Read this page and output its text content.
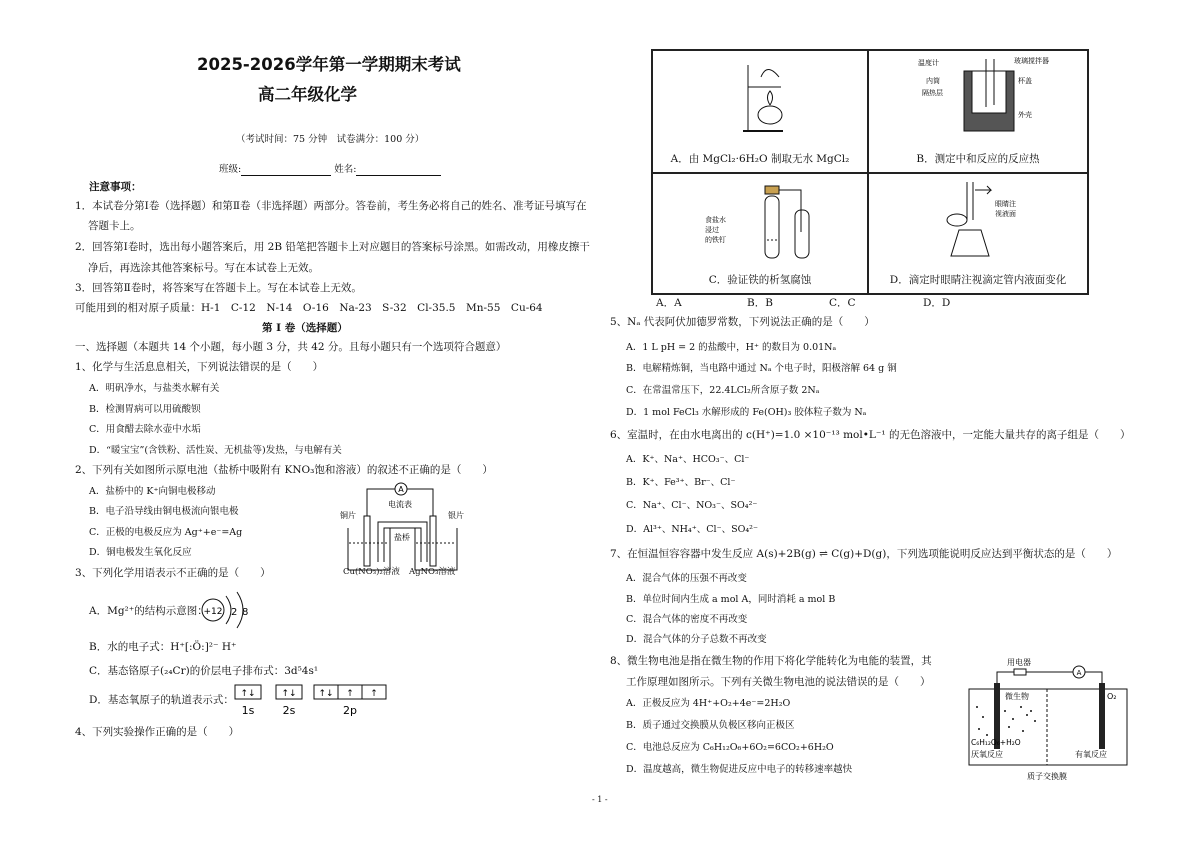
2025-2026学年第一学期期末考试
高二年级化学
（考试时间：75 分钟　试卷满分：100 分）
班级:	姓名:
注意事项：
1．本试卷分第Ⅰ卷（选择题）和第Ⅱ卷（非选择题）两部分。答卷前，考生务必将自己的姓名、准考证号填写在
答题卡上。
2．回答第Ⅰ卷时，选出每小题答案后，用 2B 铅笔把答题卡上对应题目的答案标号涂黑。如需改动，用橡皮擦干
净后，再选涂其他答案标号。写在本试卷上无效。
3．回答第Ⅱ卷时，将答案写在答题卡上。写在本试卷上无效。
可能用到的相对原子质量：H-1　C-12　N-14　O-16　Na-23　S-32　Cl-35.5　Mn-55　Cu-64
第 Ⅰ 卷（选择题）
一、选择题（本题共 14 个小题，每小题 3 分，共 42 分。且每小题只有一个选项符合题意）
1、化学与生活息息相关，下列说法错误的是（　　）
A．明矾净水，与盐类水解有关
B．检测胃病可以用硫酸钡
C．用食醋去除水壶中水垢
D．“暖宝宝”(含铁粉、活性炭、无机盐等)发热，与电解有关
2、下列有关如图所示原电池（盐桥中吸附有 KNO₃饱和溶液）的叙述不正确的是（　　）
A．盐桥中的 K⁺向铜电极移动
B．电子沿导线由铜电极流向银电极
C．正极的电极反应为 Ag⁺+e⁻=Ag
D．铜电极发生氧化反应
A
电流表
铜片	银片
盐桥
Cu(NO₃)₂溶液 AgNO₃溶液
3、下列化学用语表示不正确的是（　　）
A．Mg²⁺的结构示意图：
+12 2 8
B．水的电子式：H⁺[:Ö:]²⁻ H⁺
C．基态铬原子(₂₄Cr)的价层电子排布式：3d⁵4s¹
D．基态氧原子的轨道表示式： ↑↓	↑↓ ↑↓ ↑ ↑
1s	2s	2p
4、下列实验操作正确的是（　　）
A．由 MgCl₂·6H₂O 制取无水 MgCl₂
温度计	玻璃搅拌器
内筒	杯盖
隔热层
外壳
B．测定中和反应的反应热
食盐水
浸过
的铁钉
C．验证铁的析氢腐蚀
眼睛注
视液面
D．滴定时眼睛注视滴定管内液面变化
A．A	B．B	C．C	D．D
5、Nₐ 代表阿伏加德罗常数，下列说法正确的是（　　）
A．1 L pH = 2 的盐酸中，H⁺ 的数目为 0.01Nₐ
B．电解精炼铜，当电路中通过 Nₐ 个电子时，阳极溶解 64 g 铜
C．在常温常压下，22.4LCl₂所含原子数 2Nₐ
D．1 mol FeCl₃ 水解形成的 Fe(OH)₃ 胶体粒子数为 Nₐ
6、室温时，在由水电离出的 c(H⁺)=1.0 ×10⁻¹³ mol•L⁻¹ 的无色溶液中，一定能大量共存的离子组是（　　）
A．K⁺、Na⁺、HCO₃⁻、Cl⁻
B．K⁺、Fe³⁺、Br⁻、Cl⁻
C．Na⁺、Cl⁻、NO₃⁻、SO₄²⁻
D．Al³⁺、NH₄⁺、Cl⁻、SO₄²⁻
7、在恒温恒容容器中发生反应 A(s)+2B(g) ⇌ C(g)+D(g)，下列选项能说明反应达到平衡状态的是（　　）
A．混合气体的压强不再改变
B．单位时间内生成 a mol A，同时消耗 a mol B
C．混合气体的密度不再改变
D．混合气体的分子总数不再改变
8、微生物电池是指在微生物的作用下将化学能转化为电能的装置，其
工作原理如图所示。下列有关微生物电池的说法错误的是（　　）
A．正极反应为 4H⁺+O₂+4e⁻=2H₂O
B．质子通过交换膜从负极区移向正极区
C．电池总反应为 C₆H₁₂O₆+6O₂=6CO₂+6H₂O
D．温度越高，微生物促进反应中电子的转移速率越快
用电器
A
微生物	O₂
C₆H₁₂O₆+H₂O
厌氧反应	有氧反应
质子交换膜
- 1 -
